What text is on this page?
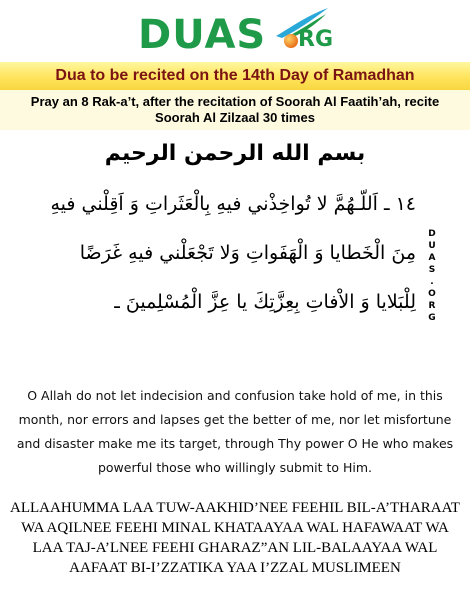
DUAS RG
Dua to be recited on the 14th Day of Ramadhan
Pray an 8 Rak-a’t, after the recitation of Soorah Al Faatih’ah, recite Soorah Al Zilzaal 30 times
بسم الله الرحمن الرحيم
١٤ ـ اَللّـهُمَّ لا تُواخِذْني فيهِ بِالْعَثَراتِ وَ اَقِلْني فيهِ
مِنَ الْخَطايا وَ الْهَفَواتِ وَلا تَجْعَلْني فيهِ غَرَضًا
لِلْبَلايا وَ الاْفاتِ بِعِزَّتِكَ يا عِزَّ الْمُسْلِمينَ ـ
D
U
A
S
.
O
R
G
O Allah do not let indecision and confusion take hold of me, in this month, nor errors and lapses get the better of me, nor let misfortune and disaster make me its target, through Thy power O He who makes powerful those who willingly submit to Him.
ALLAAHUMMA LAA TUW-AAKHID’NEE FEEHIL BIL-A’THARAAT WA AQILNEE FEEHI MINAL KHATAAYAA WAL HAFAWAAT WA LAA TAJ-A’LNEE FEEHI GHARAZ”AN LIL-BALAAYAA WAL AAFAAT BI-I’ZZATIKA YAA I’ZZAL MUSLIMEEN
